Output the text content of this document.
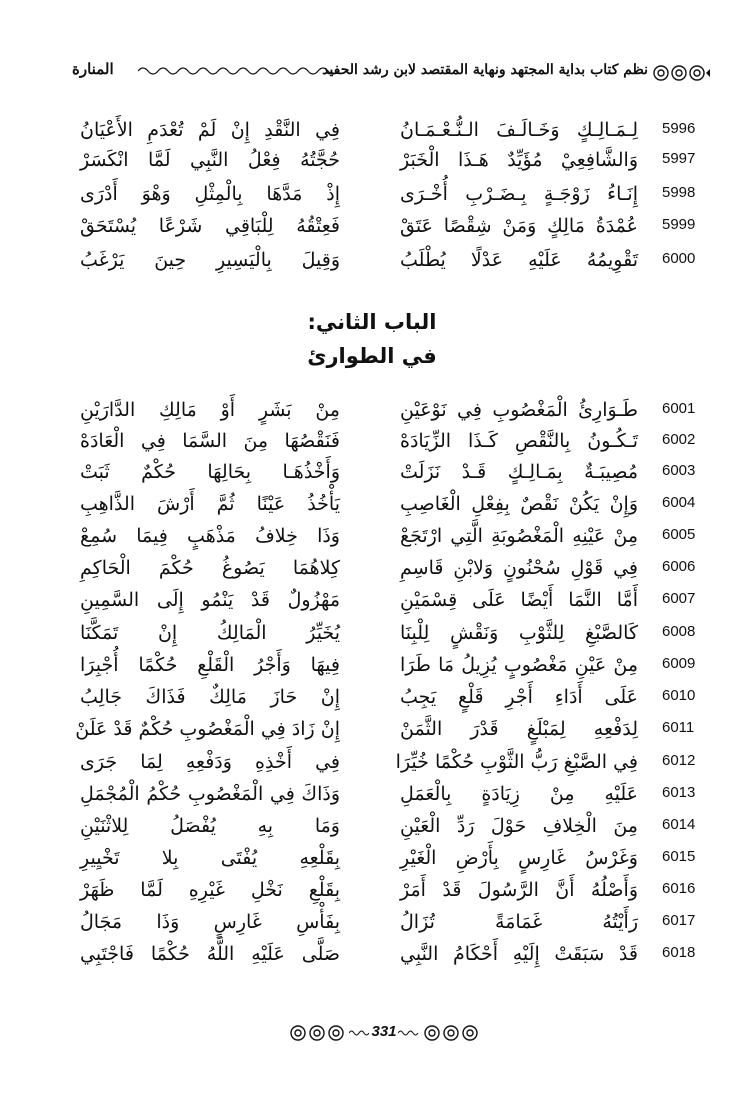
نظم كتاب بداية المجتهد ونهاية المقتصد لابن رشد الحفيد
المنارة
5996
لِـمَـالِـكٍ وَخَـالَـفَ الـنُّـعْـمَـانُ
فِي النَّقْدِ إِنْ لَمْ تُعْدَمِ الأَعْيَانُ
5997
وَالشَّافِعِيْ مُؤَيِّدٌ هَـذَا الْخَبَرْ
حُجَّتُهُ فِعْلُ النَّبِي لَمَّا انْكَسَرْ
5998
إِنَـاءُ زَوْجَـةٍ بِـضَـرْبِ أُخْـرَى
إِذْ مَدَّهَا بِالْمِثْلِ وَهْوَ أَدْرَى
5999
عُمْدَةُ مَالِكٍ وَمَنْ شِقْصًا عَتَقْ
فَعِتْقُهُ لِلْبَاقِي شَرْعًا يُسْتَحَقْ
6000
تَقْوِيمُهُ عَلَيْهِ عَدْلًا يُطْلَبُ
وَقِيلَ بِالْيَسِيرِ حِينَ يَرْغَبُ
الباب الثاني:
في الطوارئ
6001
طَـوَارِئُ الْمَغْصُوبِ فِي نَوْعَيْنِ
مِنْ بَشَرٍ أَوْ مَالِكِ الدَّارَيْنِ
6002
تَـكُـونُ بِالنَّقْصِ كَـذَا الزِّيَادَهْ
فَنَقْصُهَا مِنَ السَّمَا فِي الْعَادَهْ
6003
مُصِيبَـةٌ بِمَـالِـكٍ قَـدْ نَزَلَتْ
وَأَخْذُهَـا بِحَالِهَا حُكْمٌ ثَبَتْ
6004
وَإِنْ يَكُنْ نَقْصٌ بِفِعْلِ الْغَاصِبِ
يَأْخُذُ عَيْنًا ثُمَّ أَرْشَ الذَّاهِبِ
6005
مِنْ عَيْنِهِ الْمَغْصُوبَةِ الَّتِي ارْتَجَعْ
وَذَا خِلافُ مَذْهَبٍ فِيمَا سُمِعْ
6006
فِي قَوْلِ سُحْنُونٍ وَلابْنِ قَاسِمِ
كِلاهُمَا يَصُوغُ حُكْمَ الْحَاكِمِ
6007
أَمَّا النَّمَا أَيْضًا عَلَى قِسْمَيْنِ
مَهْزُولٌ قَدْ يَنْمُو إِلَى السَّمِينِ
6008
كَالصَّبْغِ لِلثَّوْبِ وَنَقْشٍ لِلْبِنَا
يُخَيِّرُ الْمَالِكُ إِنْ تَمَكَّنَا
6009
مِنْ عَيْنِ مَغْصُوبٍ يُزِيلُ مَا طَرَا
فِيهَا وَأَجْرُ الْقَلْعِ حُكْمًا أُجْبِرَا
6010
عَلَى أَدَاءِ أَجْرِ قَلْعٍ يَجِبُ
إِنْ حَازَ مَالِكٌ فَذَاكَ جَالِبُ
6011
لِدَفْعِهِ لِمَبْلَغٍ قَدْرَ الثَّمَنْ
إِنْ زَادَ فِي الْمَغْصُوبِ حُكْمٌ قَدْ عَلَنْ
6012
فِي الصَّبْغِ رَبُّ الثَّوْبِ حُكْمًا خُيِّرَا
فِي أَخْذِهِ وَدَفْعِهِ لِمَا جَرَى
6013
عَلَيْهِ مِنْ زِيَادَةٍ بِالْعَمَلِ
وَذَاكَ فِي الْمَغْصُوبِ حُكْمُ الْمُجْمَلِ
6014
مِنَ الْخِلافِ حَوْلَ رَدِّ الْعَيْنِ
وَمَا بِهِ يُفْصَلُ لِلاثْنَيْنِ
6015
وَغَرْسُ غَارِسٍ بِأَرْضِ الْغَيْرِ
بِقَلْعِهِ يُفْتَى بِلا تَخْيِيرِ
6016
وَأَصْلُهُ أَنَّ الرَّسُولَ قَدْ أَمَرْ
بِقَلْعِ نَخْلِ غَيْرِهِ لَمَّا ظَهَرْ
6017
رَأَيْتُهُ غَمَامَةً تُزَالُ
بِفَأْسِ غَارِسٍ وَذَا مَجَالُ
6018
قَدْ سَبَقَتْ إِلَيْهِ أَحْكَامُ النَّبِي
صَلَّى عَلَيْهِ اللَّهُ حُكْمًا فَاجْتَبِي
331
